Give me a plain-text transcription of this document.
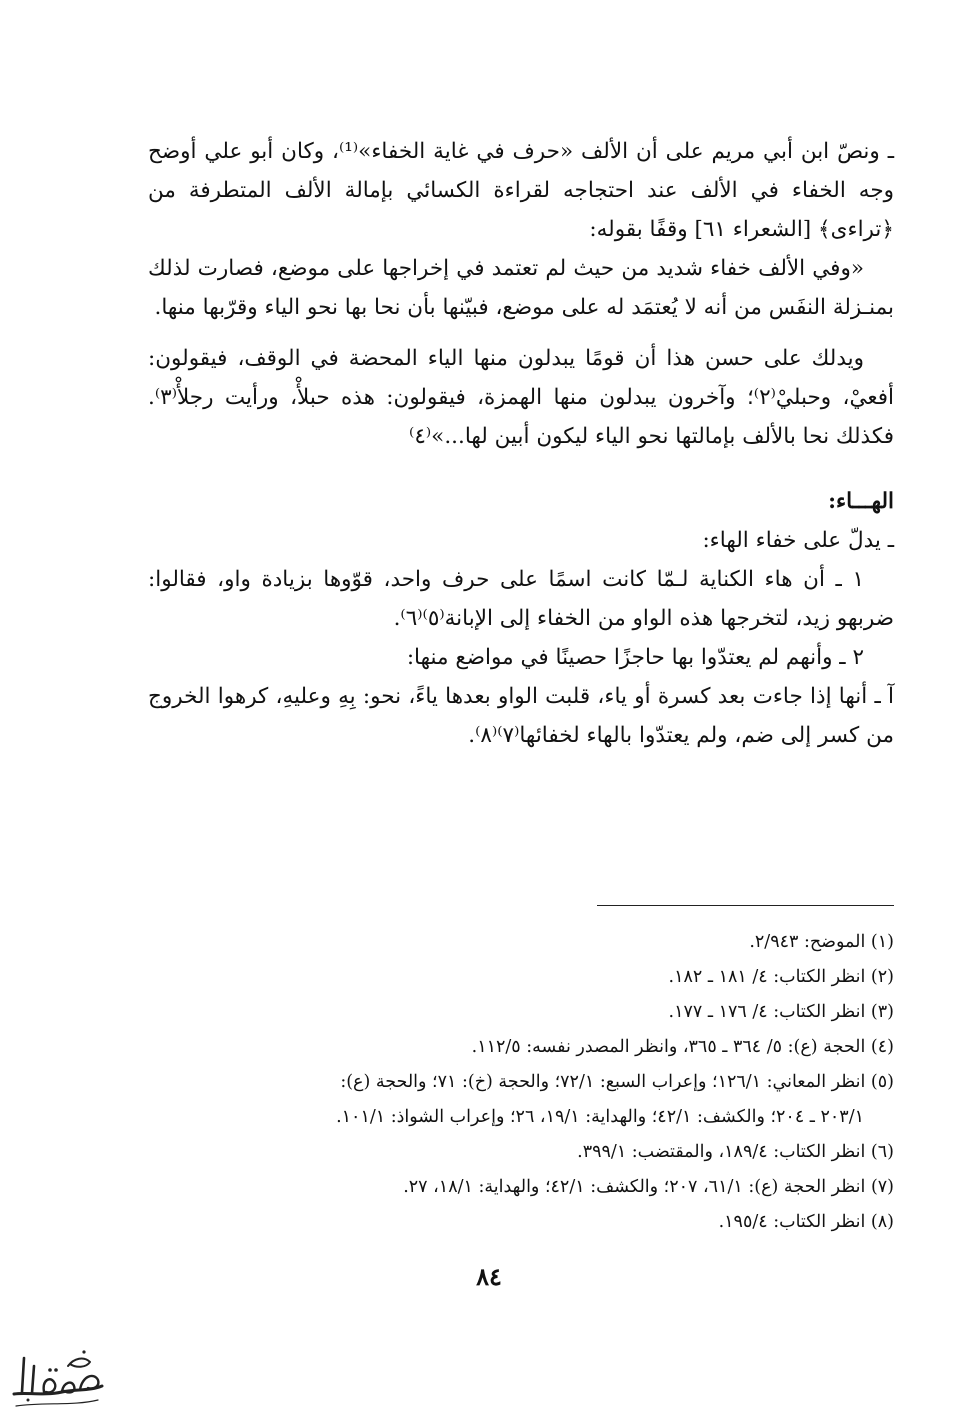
ـ ونصّ ابن أبي مريم على أن الألف «حرف في غاية الخفاء»⁽¹⁾، وكان أبو علي أوضح وجه الخفاء في الألف عند احتجاجه لقراءة الكسائي بإمالة الألف المتطرفة من ﴿تراءى﴾ [الشعراء ٦١] وقفًا بقوله:

«وفي الألف خفاء شديد من حيث لم تعتمد في إخراجها على موضع، فصارت لذلك بمنـزلة النفَس من أنه لا يُعتمَد له على موضع، فبيّنها بأن نحا بها نحو الياء وقرّبها منها.

ويدلك على حسن هذا أن قومًا يبدلون منها الياء المحضة في الوقف، فيقولون: أفعيْ، وحبليْ⁽٢⁾؛ وآخرون يبدلون منها الهمزة، فيقولون: هذه حبلأْ، ورأيت رجلأْ⁽٣⁾. فكذلك نحا بالألف بإمالتها نحو الياء ليكون أبين لها...»⁽٤⁾

الهـــاء:

ـ يدلّ على خفاء الهاء:

١ ـ أن هاء الكناية لـمّا كانت اسمًا على حرف واحد، قوّوها بزيادة واو، فقالوا: ضربهو زيد، لتخرجها هذه الواو من الخفاء إلى الإبانة⁽٥⁾⁽٦⁾.

٢ ـ وأنهم لم يعتدّوا بها حاجزًا حصينًا في مواضع منها:

آ ـ أنها إذا جاءت بعد كسرة أو ياء، قلبت الواو بعدها ياءً، نحو: بِهِ وعليهِ، كرهوا الخروج من كسر إلى ضم، ولم يعتدّوا بالهاء لخفائها⁽٧⁾⁽٨⁾.

(١) الموضح: ٢/٩٤٣.

(٢) انظر الكتاب: ٤/ ١٨١ ـ ١٨٢.

(٣) انظر الكتاب: ٤/ ١٧٦ ـ ١٧٧.

(٤) الحجة (ع): ٥/ ٣٦٤ ـ ٣٦٥، وانظر المصدر نفسه: ١١٢/٥.

(٥) انظر المعاني: ١٢٦/١؛ وإعراب السبع: ٧٢/١؛ والحجة (خ): ٧١؛ والحجة (ع):
٢٠٣/١ ـ ٢٠٤؛ والكشف: ٤٢/١؛ والهداية: ١٩/١، ٢٦؛ وإعراب الشواذ: ١٠١/١.

(٦) انظر الكتاب: ١٨٩/٤، والمقتضب: ٣٩٩/١.

(٧) انظر الحجة (ع): ٦١/١، ٢٠٧؛ والكشف: ٤٢/١؛ والهداية: ١٨/١، ٢٧.

(٨) انظر الكتاب: ١٩٥/٤.

٨٤
